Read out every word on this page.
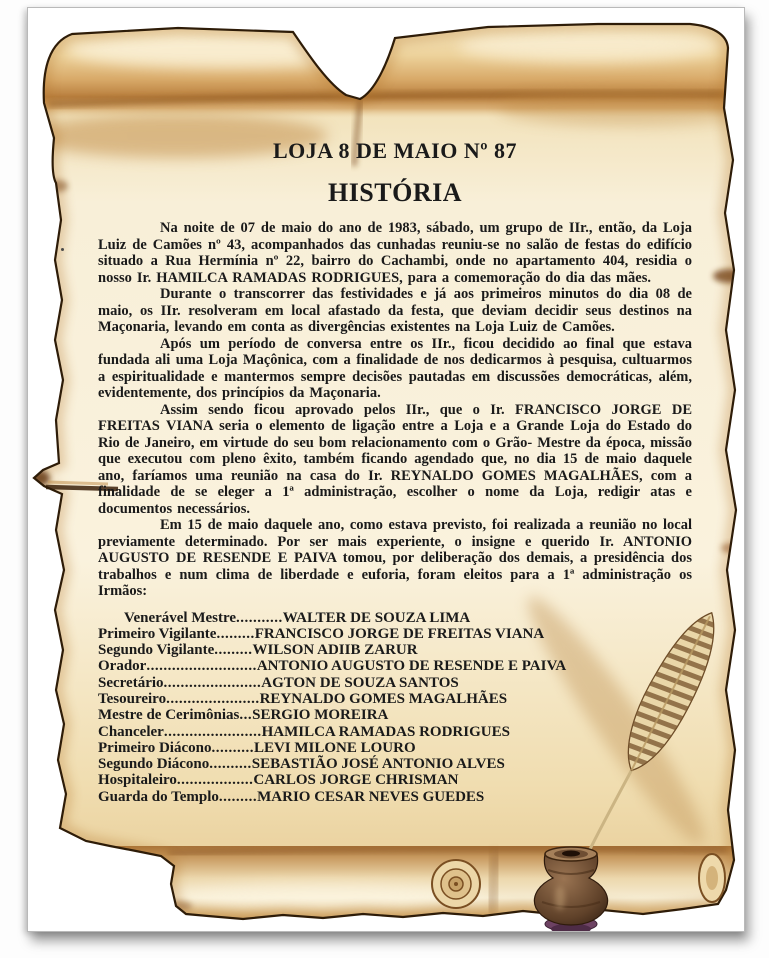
LOJA 8 DE MAIO Nº 87
HISTÓRIA

Na noite de 07 de maio do ano de 1983, sábado, um grupo de IIr., então, da Loja Luiz de Camões nº 43, acompanhados das cunhadas reuniu-se no salão de festas do edifício situado a Rua Hermínia nº 22, bairro do Cachambi, onde no apartamento 404, residia o nosso Ir. HAMILCA RAMADAS RODRIGUES, para a comemoração do dia das mães.

Durante o transcorrer das festividades e já aos primeiros minutos do dia 08 de maio, os IIr. resolveram em local afastado da festa, que deviam decidir seus destinos na Maçonaria, levando em conta as divergências existentes na Loja Luiz de Camões.

Após um período de conversa entre os IIr., ficou decidido ao final que estava fundada ali uma Loja Maçônica, com a finalidade de nos dedicarmos à pesquisa, cultuarmos a espiritualidade e mantermos sempre decisões pautadas em discussões democráticas, além, evidentemente, dos princípios da Maçonaria.

Assim sendo ficou aprovado pelos IIr., que o Ir. FRANCISCO JORGE DE FREITAS VIANA seria o elemento de ligação entre a Loja e a Grande Loja do Estado do Rio de Janeiro, em virtude do seu bom relacionamento com o Grão- Mestre da época, missão que executou com pleno êxito, também ficando agendado que, no dia 15 de maio daquele ano, faríamos uma reunião na casa do Ir. REYNALDO GOMES MAGALHÃES, com a finalidade de se eleger a 1ª administração, escolher o nome da Loja, redigir atas e documentos necessários.

Em 15 de maio daquele ano, como estava previsto, foi realizada a reunião no local previamente determinado. Por ser mais experiente, o insigne e querido Ir. ANTONIO AUGUSTO DE RESENDE E PAIVA tomou, por deliberação dos demais, a presidência dos trabalhos e num clima de liberdade e euforia, foram eleitos para a 1ª administração os Irmãos:

Venerável Mestre...........WALTER DE SOUZA LIMA
Primeiro Vigilante.........FRANCISCO JORGE DE FREITAS VIANA
Segundo Vigilante.........WILSON ADIIB ZARUR
Orador..........................ANTONIO AUGUSTO DE RESENDE E PAIVA
Secretário.......................AGTON DE SOUZA SANTOS
Tesoureiro......................REYNALDO GOMES MAGALHÃES
Mestre de Cerimônias...SERGIO MOREIRA
Chanceler.......................HAMILCA RAMADAS RODRIGUES
Primeiro Diácono..........LEVI MILONE LOURO
Segundo Diácono..........SEBASTIÃO JOSÉ ANTONIO ALVES
Hospitaleiro..................CARLOS JORGE CHRISMAN
Guarda do Templo.........MARIO CESAR NEVES GUEDES
